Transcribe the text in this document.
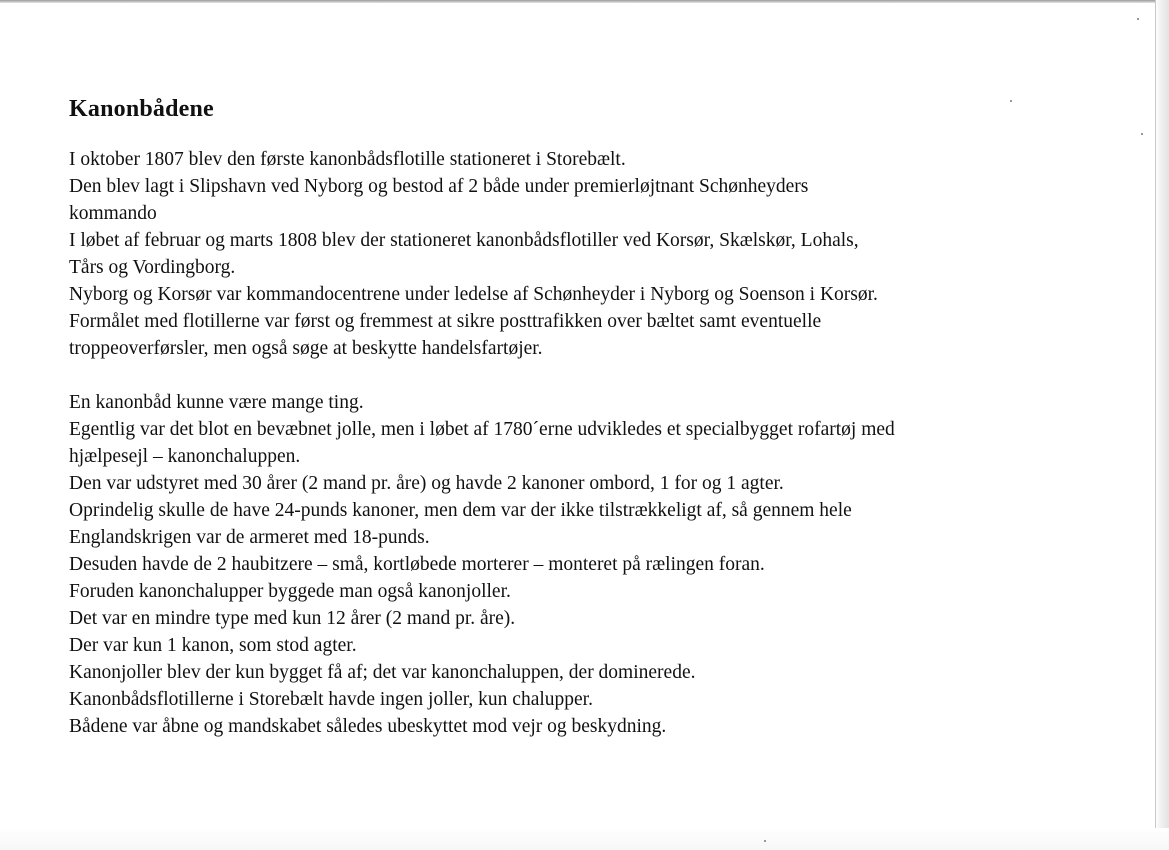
Kanonbådene

I oktober 1807 blev den første kanonbådsflotille stationeret i Storebælt.

Den blev lagt i Slipshavn ved Nyborg og bestod af 2 både under premierløjtnant Schønheyders

kommando

I løbet af februar og marts 1808 blev der stationeret kanonbådsflotiller ved Korsør, Skælskør, Lohals,

Tårs og Vordingborg.

Nyborg og Korsør var kommandocentrene under ledelse af Schønheyder i Nyborg og Soenson i Korsør.

Formålet med flotillerne var først og fremmest at sikre posttrafikken over bæltet samt eventuelle

troppeoverførsler, men også søge at beskytte handelsfartøjer.

En kanonbåd kunne være mange ting.

Egentlig var det blot en bevæbnet jolle, men i løbet af 1780´erne udvikledes et specialbygget rofartøj med

hjælpesejl – kanonchaluppen.

Den var udstyret med 30 årer (2 mand pr. åre) og havde 2 kanoner ombord, 1 for og 1 agter.

Oprindelig skulle de have 24-punds kanoner, men dem var der ikke tilstrækkeligt af, så gennem hele

Englandskrigen var de armeret med 18-punds.

Desuden havde de 2 haubitzere – små, kortløbede morterer – monteret på rælingen foran.

Foruden kanonchalupper byggede man også kanonjoller.

Det var en mindre type med kun 12 årer (2 mand pr. åre).

Der var kun 1 kanon, som stod agter.

Kanonjoller blev der kun bygget få af; det var kanonchaluppen, der dominerede.

Kanonbådsflotillerne i Storebælt havde ingen joller, kun chalupper.

Bådene var åbne og mandskabet således ubeskyttet mod vejr og beskydning.
